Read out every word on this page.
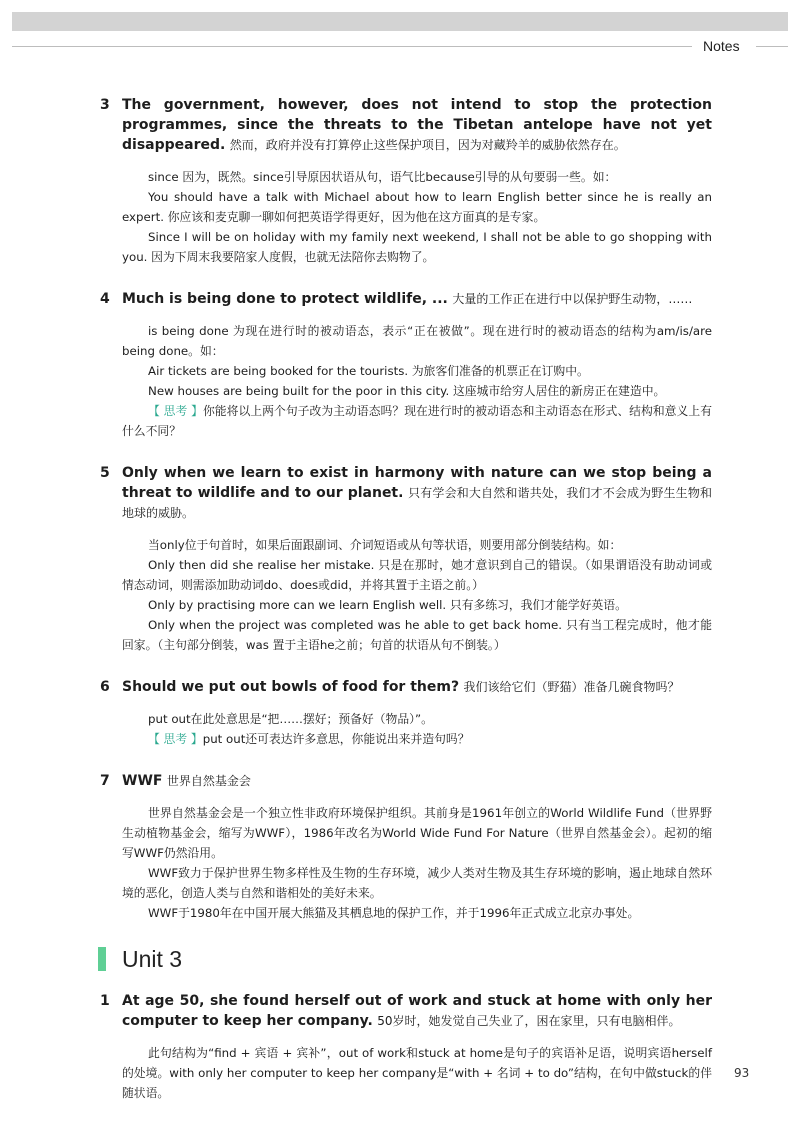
Notes
3 The government, however, does not intend to stop the protection programmes, since the threats to the Tibetan antelope have not yet disappeared. 然而，政府并没有打算停止这些保护项目，因为对藏羚羊的威胁依然存在。

since 因为，既然。since引导原因状语从句，语气比because引导的从句要弱一些。如：

You should have a talk with Michael about how to learn English better since he is really an expert. 你应该和麦克聊一聊如何把英语学得更好，因为他在这方面真的是专家。

Since I will be on holiday with my family next weekend, I shall not be able to go shopping with you. 因为下周末我要陪家人度假，也就无法陪你去购物了。

4 Much is being done to protect wildlife, ... 大量的工作正在进行中以保护野生动物，……

is being done 为现在进行时的被动语态，表示“正在被做”。现在进行时的被动语态的结构为am/is/are being done。如：

Air tickets are being booked for the tourists. 为旅客们准备的机票正在订购中。

New houses are being built for the poor in this city. 这座城市给穷人居住的新房正在建造中。

【 思考 】你能将以上两个句子改为主动语态吗？现在进行时的被动语态和主动语态在形式、结构和意义上有什么不同？

5 Only when we learn to exist in harmony with nature can we stop being a threat to wildlife and to our planet. 只有学会和大自然和谐共处，我们才不会成为野生生物和地球的威胁。

当only位于句首时，如果后面跟副词、介词短语或从句等状语，则要用部分倒装结构。如：

Only then did she realise her mistake. 只是在那时，她才意识到自己的错误。（如果谓语没有助动词或情态动词，则需添加助动词do、does或did，并将其置于主语之前。）

Only by practising more can we learn English well. 只有多练习，我们才能学好英语。

Only when the project was completed was he able to get back home. 只有当工程完成时，他才能回家。（主句部分倒装，was 置于主语he之前；句首的状语从句不倒装。）

6 Should we put out bowls of food for them? 我们该给它们（野猫）准备几碗食物吗？

put out在此处意思是“把……摆好；预备好（物品）”。

【 思考 】put out还可表达许多意思，你能说出来并造句吗？

7 WWF 世界自然基金会

世界自然基金会是一个独立性非政府环境保护组织。其前身是1961年创立的World Wildlife Fund（世界野生动植物基金会，缩写为WWF），1986年改名为World Wide Fund For Nature（世界自然基金会）。起初的缩写WWF仍然沿用。

WWF致力于保护世界生物多样性及生物的生存环境，减少人类对生物及其生存环境的影响，遏止地球自然环境的恶化，创造人类与自然和谐相处的美好未来。

WWF于1980年在中国开展大熊猫及其栖息地的保护工作，并于1996年正式成立北京办事处。

Unit 3
1 At age 50, she found herself out of work and stuck at home with only her computer to keep her company. 50岁时，她发觉自己失业了，困在家里，只有电脑相伴。

此句结构为“find + 宾语 + 宾补”，out of work和stuck at home是句子的宾语补足语，说明宾语herself的处境。with only her computer to keep her company是“with + 名词 + to do”结构，在句中做stuck的伴随状语。

93
